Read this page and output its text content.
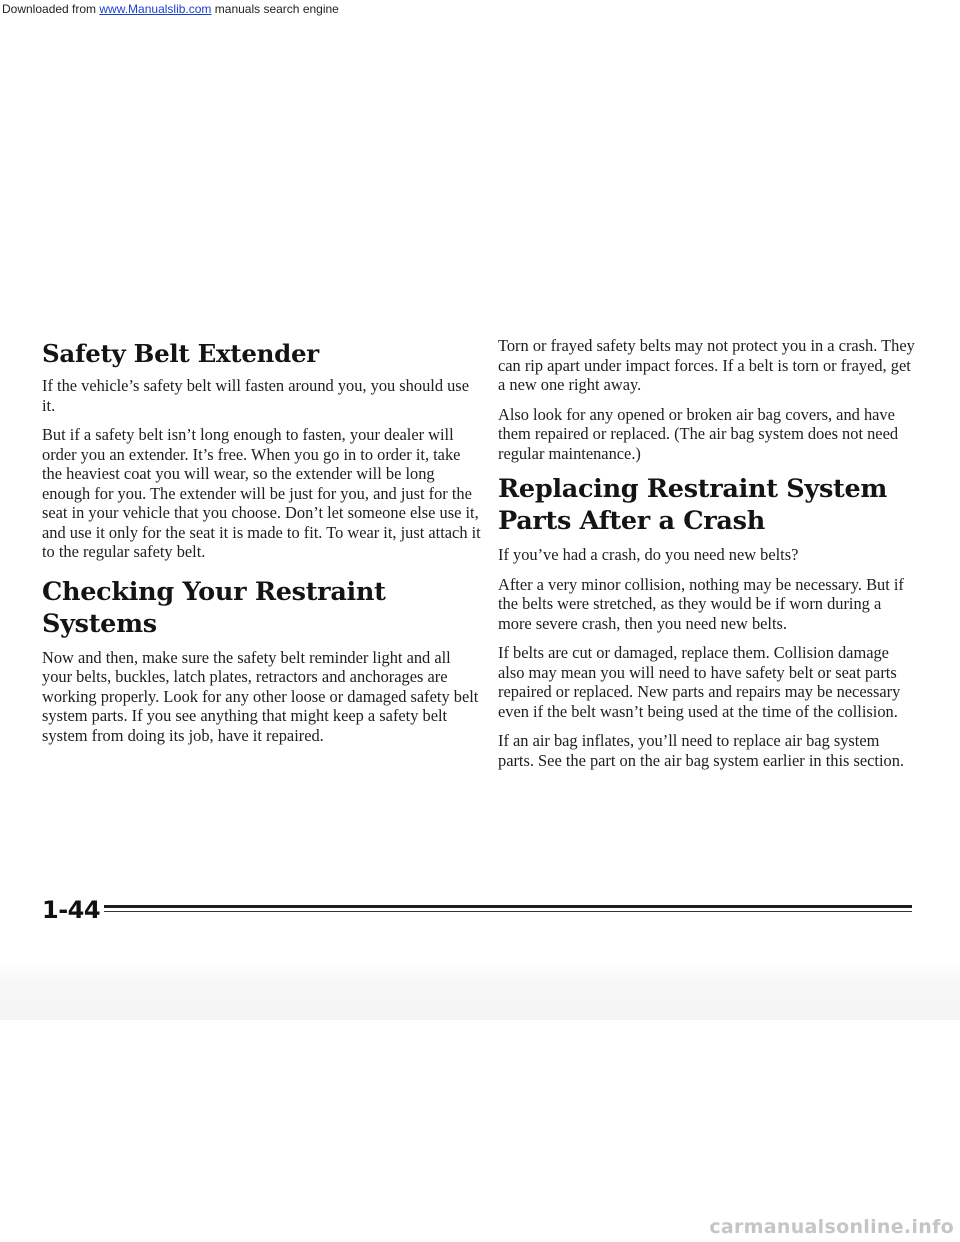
Downloaded from www.Manualslib.com manuals search engine
Safety Belt Extender

If the vehicle’s safety belt will fasten around you, you should use it.

But if a safety belt isn’t long enough to fasten, your dealer will order you an extender. It’s free. When you go in to order it, take the heaviest coat you will wear, so the extender will be long enough for you. The extender will be just for you, and just for the seat in your vehicle that you choose. Don’t let someone else use it, and use it only for the seat it is made to fit. To wear it, just attach it to the regular safety belt.

Checking Your Restraint Systems

Now and then, make sure the safety belt reminder light and all your belts, buckles, latch plates, retractors and anchorages are working properly. Look for any other loose or damaged safety belt system parts. If you see anything that might keep a safety belt system from doing its job, have it repaired.

Torn or frayed safety belts may not protect you in a crash. They can rip apart under impact forces. If a belt is torn or frayed, get a new one right away.

Also look for any opened or broken air bag covers, and have them repaired or replaced. (The air bag system does not need regular maintenance.)

Replacing Restraint System Parts After a Crash

If you’ve had a crash, do you need new belts?

After a very minor collision, nothing may be necessary. But if the belts were stretched, as they would be if worn during a more severe crash, then you need new belts.

If belts are cut or damaged, replace them. Collision damage also may mean you will need to have safety belt or seat parts repaired or replaced. New parts and repairs may be necessary even if the belt wasn’t being used at the time of the collision.

If an air bag inflates, you’ll need to replace air bag system parts. See the part on the air bag system earlier in this section.

1-44
carmanualsonline.info
